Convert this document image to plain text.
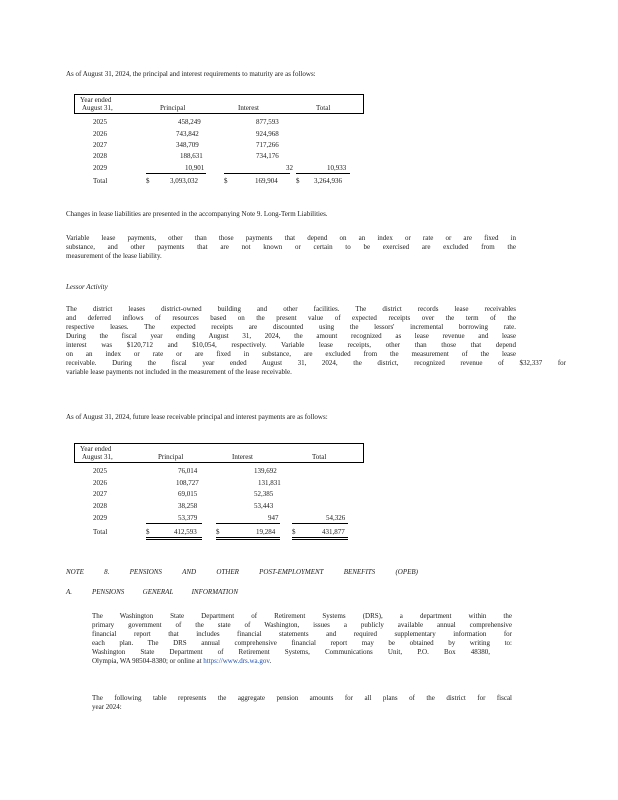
As of August 31, 2024, the principal and interest requirements to maturity are as follows:
Year ended
August 31,	Principal	Interest	Total
2025	458,249	877,593
2026	743,842	924,968
2027	348,709	717,266
2028	188,631	734,176
2029	10,901	32	10,933
Total	$	3,093,032	$	169,904	$ 3,264,936
Changes in lease liabilities are presented in the accompanying Note 9. Long-Term Liabilities.
Variable lease payments, other than those payments that depend on an index or rate or are fixed in
substance, and other payments that are not known or certain to be exercised are excluded from the
measurement of the lease liability.
Lessor Activity
The district leases district-owned building and other facilities. The district records lease receivables
and deferred inflows of resources based on the present value of expected receipts over the term of the
respective leases. The expected receipts are discounted using the lessors' incremental borrowing rate.
During the fiscal year ending August 31, 2024, the amount recognized as lease revenue and lease
interest was $120,712 and $10,054, respectively. Variable lease receipts, other than those that depend
on an index or rate or are fixed in substance, are excluded from the measurement of the lease
receivable. During the fiscal year ended August 31, 2024, the district, recognized revenue of $32,337 for
variable lease payments not included in the measurement of the lease receivable.
As of August 31, 2024, future lease receivable principal and interest payments are as follows:
Year ended
August 31,	Principal	Interest	Total
2025	76,014	139,692
2026	108,727	131,831
2027	69,015	52,385
2028	38,258	53,443
2029	53,379	947	54,326
Total	$	412,593	$	19,284 $	431,877
NOTE 8. PENSIONS AND OTHER POST-EMPLOYMENT BENEFITS (OPEB)
A.	PENSIONS GENERAL INFORMATION
The Washington State Department of Retirement Systems (DRS), a department within the
primary government of the state of Washington, issues a publicly available annual comprehensive
financial report that includes financial statements and required supplementary information for
each plan. The DRS annual comprehensive financial report may be obtained by writing to:
Washington State Department of Retirement Systems, Communications Unit, P.O. Box 48380,
Olympia, WA 98504-8380; or online at https://www.drs.wa.gov.
The following table represents the aggregate pension amounts for all plans of the district for fiscal
year 2024:
